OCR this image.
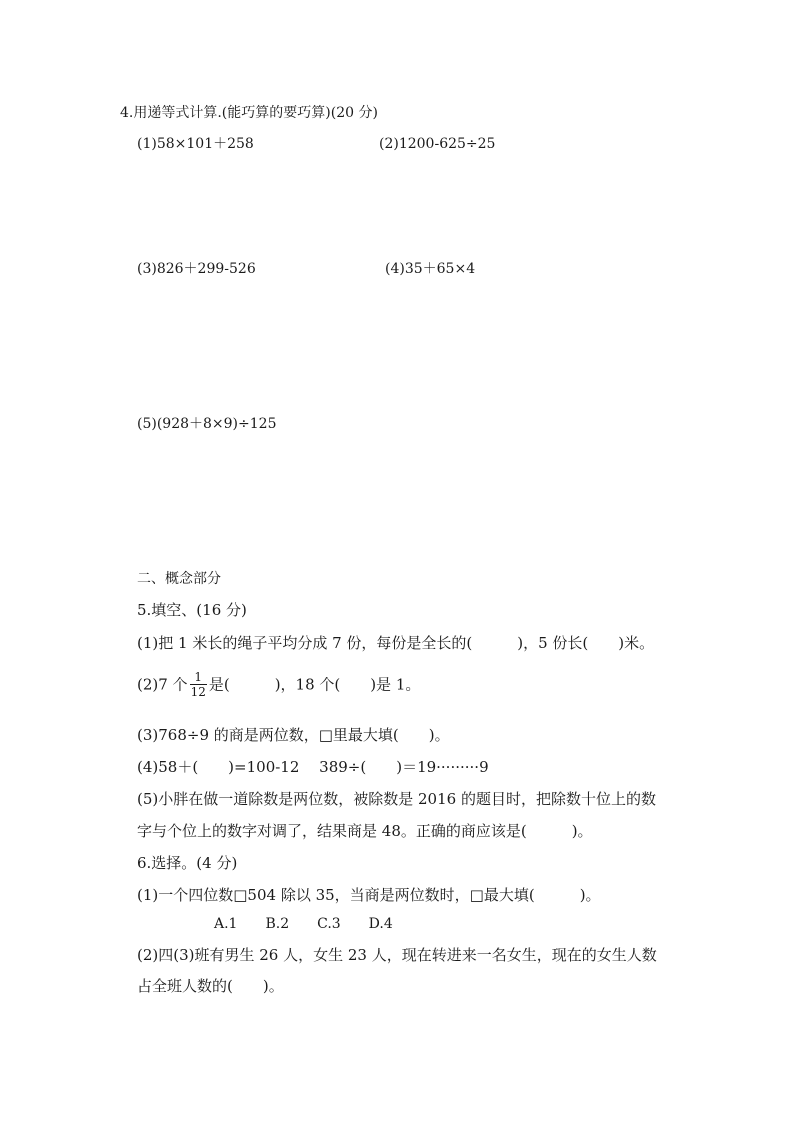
4.用递等式计算.(能巧算的要巧算)(20 分)
(1)58×101＋258	(2)1200-625÷25
(3)826＋299-526	(4)35＋65×4
(5)(928＋8×9)÷125
二、概念部分
5.填空、(16 分)
(1)把 1 米长的绳子平均分成 7 份，每份是全长的(　　　)，5 份长(　　)米。
(2)7 个 $\frac{1}{12}$ 是(　　　)，18 个(　　)是 1。
(3)768÷9 的商是两位数，□里最大填(　　)。
(4)58＋(　　)=100-12　 389÷(　　)＝19·········9
(5)小胖在做一道除数是两位数，被除数是 2016 的题目时，把除数十位上的数
字与个位上的数字对调了，结果商是 48。正确的商应该是(　　　)。
6.选择。(4 分)
(1)一个四位数□504 除以 35，当商是两位数时，□最大填(　　　)。
A.1　　B.2　　C.3　　D.4
(2)四(3)班有男生 26 人，女生 23 人，现在转进来一名女生，现在的女生人数
占全班人数的(　　)。
